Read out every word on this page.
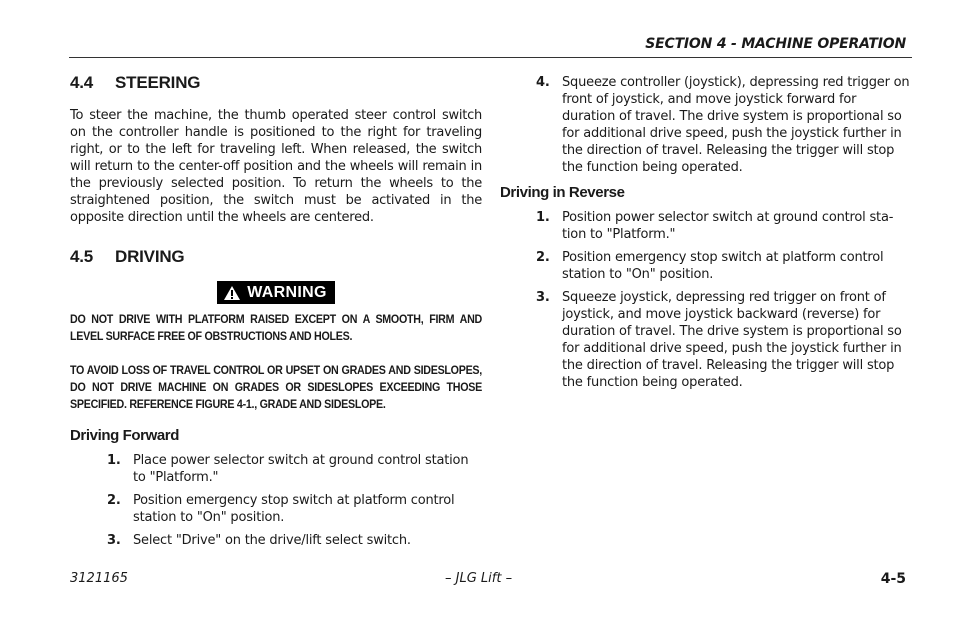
SECTION 4 - MACHINE OPERATION
4.4	STEERING

To steer the machine, the thumb operated steer control switch on the controller handle is positioned to the right for traveling right, or to the left for traveling left. When released, the switch will return to the center-off position and the wheels will remain in the previously selected position. To return the wheels to the straightened position, the switch must be activated in the opposite direction until the wheels are centered.

4.5	DRIVING
WARNING

DO NOT DRIVE WITH PLATFORM RAISED EXCEPT ON A SMOOTH, FIRM AND LEVEL SURFACE FREE OF OBSTRUCTIONS AND HOLES.

TO AVOID LOSS OF TRAVEL CONTROL OR UPSET ON GRADES AND SIDESLOPES, DO NOT DRIVE MACHINE ON GRADES OR SIDESLOPES EXCEEDING THOSE SPECIFIED. REFERENCE FIGURE 4-1., GRADE AND SIDESLOPE.

Driving Forward
1. Place power selector switch at ground control station to "Platform."
2. Position emergency stop switch at platform control station to "On" position.
3. Select "Drive" on the drive/lift select switch.
4. Squeeze controller (joystick), depressing red trigger on front of joystick, and move joystick forward for duration of travel. The drive system is proportional so for additional drive speed, push the joystick further in the direction of travel. Releasing the trigger will stop the function being operated.
Driving in Reverse
1. Position power selector switch at ground control sta-tion to "Platform."
2. Position emergency stop switch at platform control station to "On" position.
3. Squeeze joystick, depressing red trigger on front of joystick, and move joystick backward (reverse) for duration of travel. The drive system is proportional so for additional drive speed, push the joystick further in the direction of travel. Releasing the trigger will stop the function being operated.
3121165	– JLG Lift –	4-5
